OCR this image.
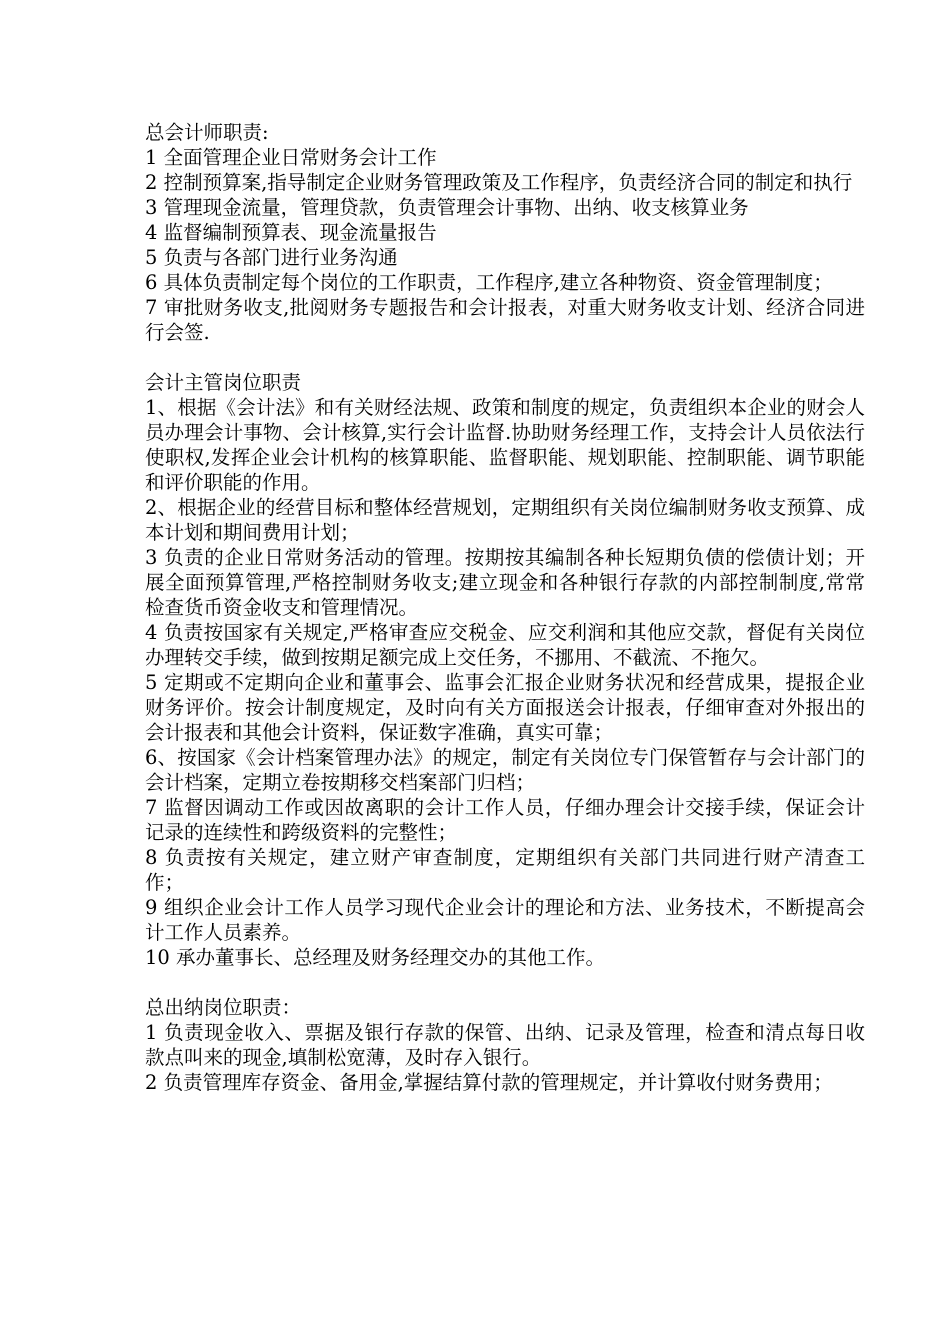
总会计师职责:

1 全面管理企业日常财务会计工作

2 控制预算案,指导制定企业财务管理政策及工作程序，负责经济合同的制定和执行

3 管理现金流量，管理贷款，负责管理会计事物、出纳、收支核算业务

4 监督编制预算表、现金流量报告

5 负责与各部门进行业务沟通

6 具体负责制定每个岗位的工作职责，工作程序,建立各种物资、资金管理制度；

7 审批财务收支,批阅财务专题报告和会计报表，对重大财务收支计划、经济合同进行会签.

会计主管岗位职责

1、根据《会计法》和有关财经法规、政策和制度的规定，负责组织本企业的财会人员办理会计事物、会计核算,实行会计监督.协助财务经理工作，支持会计人员依法行使职权,发挥企业会计机构的核算职能、监督职能、规划职能、控制职能、调节职能和评价职能的作用。

2、根据企业的经营目标和整体经营规划，定期组织有关岗位编制财务收支预算、成本计划和期间费用计划；

3 负责的企业日常财务活动的管理。按期按其编制各种长短期负债的偿债计划；开展全面预算管理,严格控制财务收支;建立现金和各种银行存款的内部控制制度,常常检查货币资金收支和管理情况。

4 负责按国家有关规定,严格审查应交税金、应交利润和其他应交款，督促有关岗位办理转交手续，做到按期足额完成上交任务，不挪用、不截流、不拖欠。

5 定期或不定期向企业和董事会、监事会汇报企业财务状况和经营成果，提报企业财务评价。按会计制度规定，及时向有关方面报送会计报表，仔细审查对外报出的会计报表和其他会计资料，保证数字准确，真实可靠；

6、按国家《会计档案管理办法》的规定，制定有关岗位专门保管暂存与会计部门的会计档案，定期立卷按期移交档案部门归档；

7 监督因调动工作或因故离职的会计工作人员，仔细办理会计交接手续，保证会计记录的连续性和跨级资料的完整性；

8 负责按有关规定，建立财产审查制度，定期组织有关部门共同进行财产清查工作；

9 组织企业会计工作人员学习现代企业会计的理论和方法、业务技术，不断提高会计工作人员素养。

10 承办董事长、总经理及财务经理交办的其他工作。

总出纳岗位职责：

1 负责现金收入、票据及银行存款的保管、出纳、记录及管理，检查和清点每日收款点叫来的现金,填制松宽薄，及时存入银行。

2 负责管理库存资金、备用金,掌握结算付款的管理规定，并计算收付财务费用；
